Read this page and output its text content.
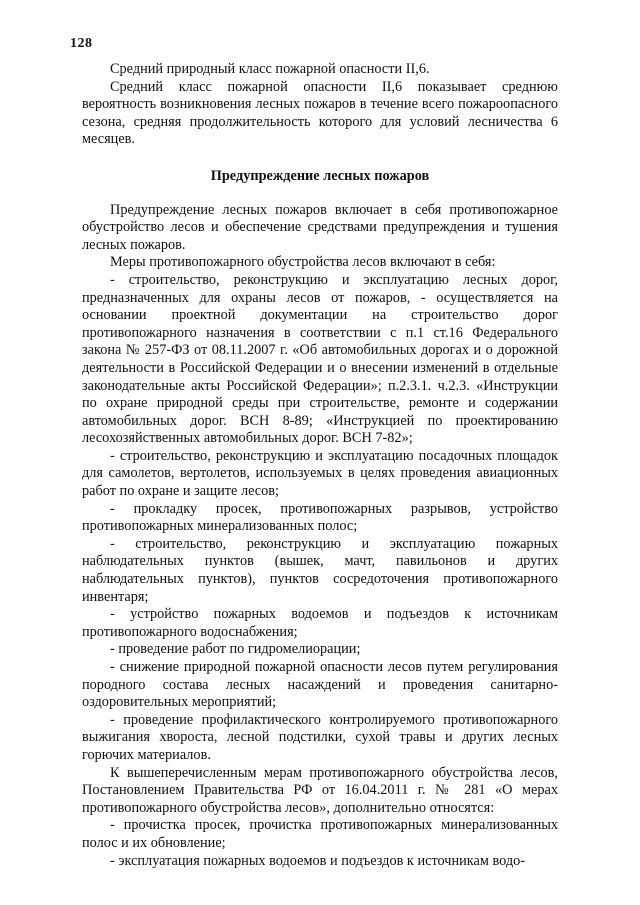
128

Средний природный класс пожарной опасности II,6.

Средний класс пожарной опасности II,6 показывает среднюю вероятность возникновения лесных пожаров в течение всего пожароопасного сезона, средняя продолжительность которого для условий лесничества 6 месяцев.

Предупреждение лесных пожаров

Предупреждение лесных пожаров включает в себя противопожарное обустройство лесов и обеспечение средствами предупреждения и тушения лесных пожаров.

Меры противопожарного обустройства лесов включают в себя:

- строительство, реконструкцию и эксплуатацию лесных дорог, предназначенных для охраны лесов от пожаров, - осуществляется на основании проектной документации на строительство дорог противопожарного назначения в соответствии с п.1 ст.16 Федерального закона № 257-ФЗ от 08.11.2007 г. «Об автомобильных дорогах и о дорожной деятельности в Российской Федерации и о внесении изменений в отдельные законодательные акты Российской Федерации»; п.2.3.1. ч.2.3. «Инструкции по охране природной среды при строительстве, ремонте и содержании автомобильных дорог. ВСН 8-89; «Инструкцией по проектированию лесохозяйственных автомобильных дорог. ВСН 7-82»;

- строительство, реконструкцию и эксплуатацию посадочных площадок для самолетов, вертолетов, используемых в целях проведения авиационных работ по охране и защите лесов;

- прокладку просек, противопожарных разрывов, устройство противопожарных минерализованных полос;

- строительство, реконструкцию и эксплуатацию пожарных наблюдательных пунктов (вышек, мачт, павильонов и других наблюдательных пунктов), пунктов сосредоточения противопожарного инвентаря;

- устройство пожарных водоемов и подъездов к источникам противопожарного водоснабжения;

- проведение работ по гидромелиорации;

- снижение природной пожарной опасности лесов путем регулирования породного состава лесных насаждений и проведения санитарно-оздоровительных мероприятий;

- проведение профилактического контролируемого противопожарного выжигания хворостa, лесной подстилки, сухой травы и других лесных горючих материалов.

К вышеперечисленным мерам противопожарного обустройства лесов, Постановлением Правительства РФ от 16.04.2011 г. № 281 «О мерах противопожарного обустройства лесов», дополнительно относятся:

- прочистка просек, прочистка противопожарных минерализованных полос и их обновление;

- эксплуатация пожарных водоемов и подъездов к источникам водо-
